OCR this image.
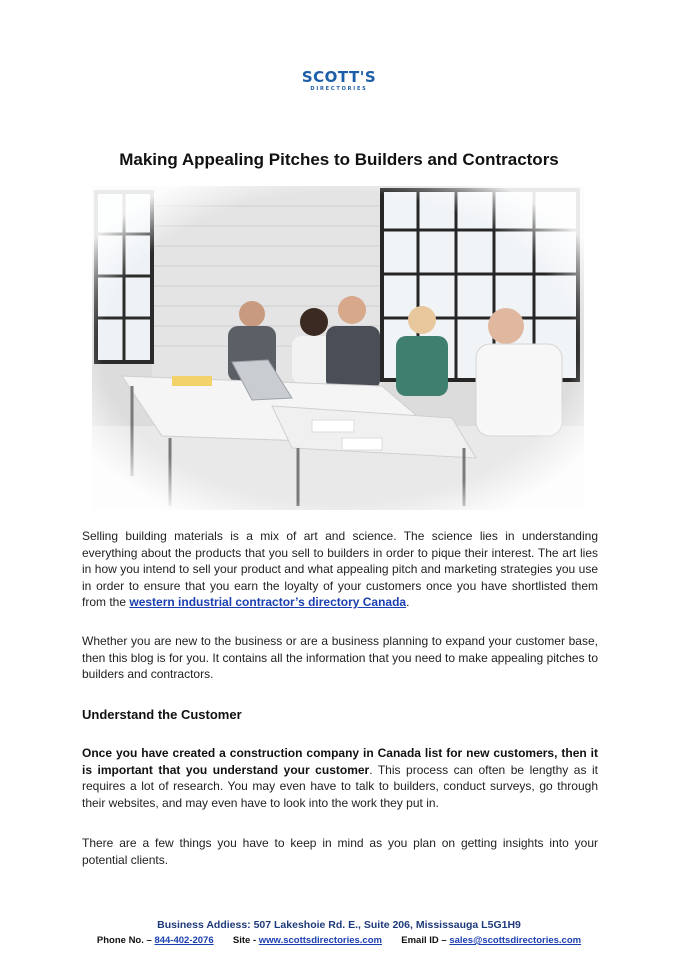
SCOTT'S
DIRECTORIES
Making Appealing Pitches to Builders and Contractors
Selling building materials is a mix of art and science. The science lies in understanding everything about the products that you sell to builders in order to pique their interest. The art lies in how you intend to sell your product and what appealing pitch and marketing strategies you use in order to ensure that you earn the loyalty of your customers once you have shortlisted them from the western industrial contractor’s directory Canada.
Whether you are new to the business or are a business planning to expand your customer base, then this blog is for you. It contains all the information that you need to make appealing pitches to builders and contractors.
Understand the Customer
Once you have created a construction company in Canada list for new customers, then it is important that you understand your customer. This process can often be lengthy as it requires a lot of research. You may even have to talk to builders, conduct surveys, go through their websites, and may even have to look into the work they put in.
There are a few things you have to keep in mind as you plan on getting insights into your potential clients.
Business Addiess: 507 Lakeshoie Rd. E., Suite 206, Mississauga L5G1H9
Phone No. – 844-402-2076 Site - www.scottsdirectories.com Email ID – sales@scottsdirectories.com
